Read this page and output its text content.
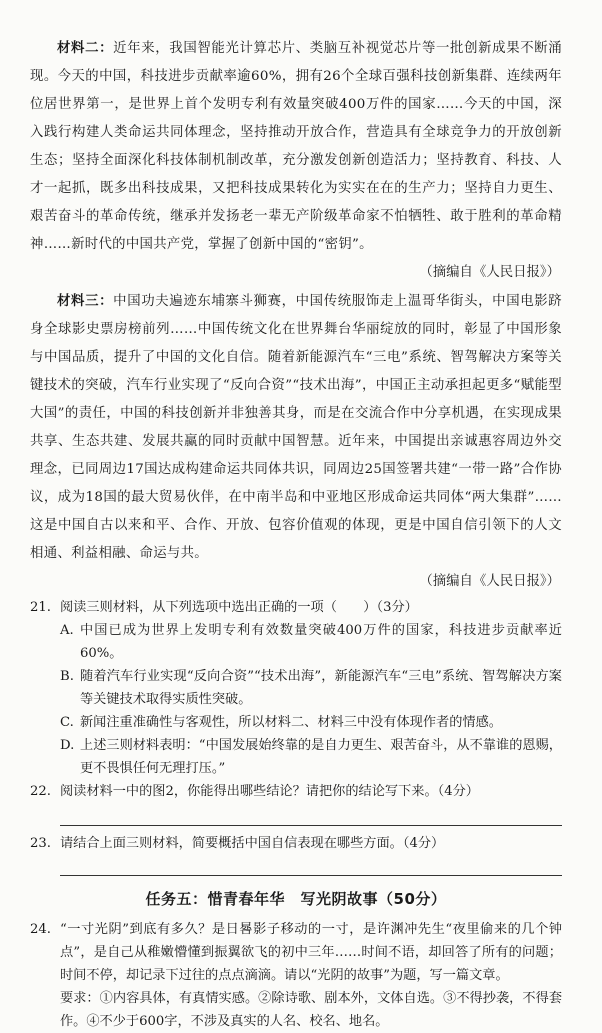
材料二：近年来，我国智能光计算芯片、类脑互补视觉芯片等一批创新成果不断涌现。今天的中国，科技进步贡献率逾60%，拥有26个全球百强科技创新集群、连续两年位居世界第一，是世界上首个发明专利有效量突破400万件的国家……今天的中国，深入践行构建人类命运共同体理念，坚持推动开放合作，营造具有全球竞争力的开放创新生态；坚持全面深化科技体制机制改革，充分激发创新创造活力；坚持教育、科技、人才一起抓，既多出科技成果，又把科技成果转化为实实在在的生产力；坚持自力更生、艰苦奋斗的革命传统，继承并发扬老一辈无产阶级革命家不怕牺牲、敢于胜利的革命精神……新时代的中国共产党，掌握了创新中国的“密钥”。

（摘编自《人民日报》）

材料三：中国功夫遍迹东埔寨斗狮赛，中国传统服饰走上温哥华街头，中国电影跻身全球影史票房榜前列……中国传统文化在世界舞台华丽绽放的同时，彰显了中国形象与中国品质，提升了中国的文化自信。随着新能源汽车“三电”系统、智驾解决方案等关键技术的突破，汽车行业实现了“反向合资”“技术出海”，中国正主动承担起更多“赋能型大国”的责任，中国的科技创新并非独善其身，而是在交流合作中分享机遇，在实现成果共享、生态共建、发展共赢的同时贡献中国智慧。近年来，中国提出亲诚惠容周边外交理念，已同周边17国达成构建命运共同体共识，同周边25国签署共建“一带一路”合作协议，成为18国的最大贸易伙伴，在中南半岛和中亚地区形成命运共同体“两大集群”……这是中国自古以来和平、合作、开放、包容价值观的体现，更是中国自信引领下的人文相通、利益相融、命运与共。

（摘编自《人民日报》）

21. 阅读三则材料，从下列选项中选出正确的一项（　　）（3分）
A. 中国已成为世界上发明专利有效数量突破400万件的国家，科技进步贡献率近60%。
B. 随着汽车行业实现“反向合资”“技术出海”，新能源汽车“三电”系统、智驾解决方案等关键技术取得实质性突破。
C. 新闻注重准确性与客观性，所以材料二、材料三中没有体现作者的情感。
D. 上述三则材料表明：“中国发展始终靠的是自力更生、艰苦奋斗，从不靠谁的恩赐，更不畏惧任何无理打压。”
22. 阅读材料一中的图2，你能得出哪些结论？请把你的结论写下来。（4分）
23. 请结合上面三则材料，简要概括中国自信表现在哪些方面。（4分）

任务五：惜青春年华　写光阴故事（50分）

24. “一寸光阴”到底有多久？是日晷影子移动的一寸，是许渊冲先生“夜里偷来的几个钟点”，是自己从稚嫩懵懂到振翼欲飞的初中三年……时间不语，却回答了所有的问题；时间不停，却记录下过往的点点滴滴。请以“光阴的故事”为题，写一篇文章。

要求：①内容具体，有真情实感。②除诗歌、剧本外，文体自选。③不得抄袭，不得套作。④不少于600字，不涉及真实的人名、校名、地名。
